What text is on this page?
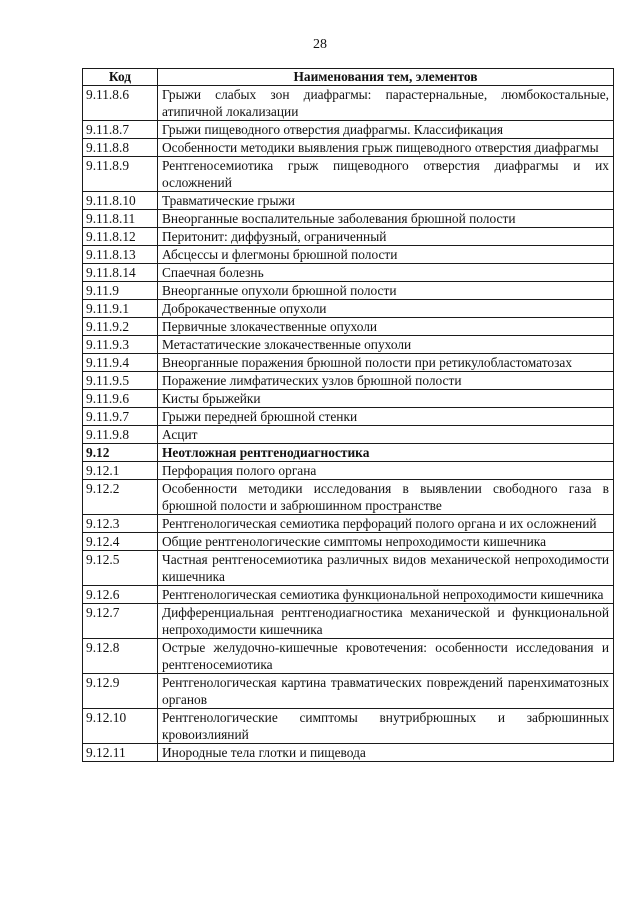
28
Код	Наименования тем, элементов
9.11.8.6	Грыжи слабых зон диафрагмы: парастернальные, люмбокостальные, атипичной локализации
9.11.8.7	Грыжи пищеводного отверстия диафрагмы. Классификация
9.11.8.8	Особенности методики выявления грыж пищеводного отверстия диафрагмы
9.11.8.9	Рентгеносемиотика грыж пищеводного отверстия диафрагмы и их осложнений
9.11.8.10	Травматические грыжи
9.11.8.11	Внеорганные воспалительные заболевания брюшной полости
9.11.8.12	Перитонит: диффузный, ограниченный
9.11.8.13	Абсцессы и флегмоны брюшной полости
9.11.8.14	Спаечная болезнь
9.11.9	Внеорганные опухоли брюшной полости
9.11.9.1	Доброкачественные опухоли
9.11.9.2	Первичные злокачественные опухоли
9.11.9.3	Метастатические злокачественные опухоли
9.11.9.4	Внеорганные поражения брюшной полости при ретикулобластоматозах
9.11.9.5	Поражение лимфатических узлов брюшной полости
9.11.9.6	Кисты брыжейки
9.11.9.7	Грыжи передней брюшной стенки
9.11.9.8	Асцит
9.12	Неотложная рентгенодиагностика
9.12.1	Перфорация полого органа
9.12.2	Особенности методики исследования в выявлении свободного газа в брюшной полости и забрюшинном пространстве
9.12.3	Рентгенологическая семиотика перфораций полого органа и их осложнений
9.12.4	Общие рентгенологические симптомы непроходимости кишечника
9.12.5	Частная рентгеносемиотика различных видов механической непроходимости кишечника
9.12.6	Рентгенологическая семиотика функциональной непроходимости кишечника
9.12.7	Дифференциальная рентгенодиагностика механической и функциональной непроходимости кишечника
9.12.8	Острые желудочно-кишечные кровотечения: особенности исследования и рентгеносемиотика
9.12.9	Рентгенологическая картина травматических повреждений паренхиматозных органов
9.12.10	Рентгенологические симптомы внутрибрюшных и забрюшинных кровоизлияний
9.12.11	Инородные тела глотки и пищевода
